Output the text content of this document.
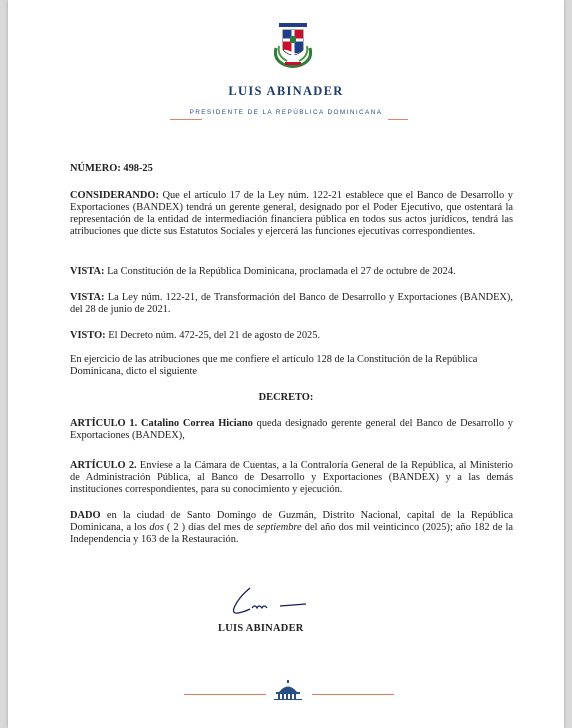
LUIS ABINADER
PRESIDENTE DE LA REPÚBLICA DOMINICANA
NÚMERO: 498-25
CONSIDERANDO: Que el artículo 17 de la Ley núm. 122-21 establece que el Banco de Desarrollo y Exportaciones (BANDEX) tendrá un gerente general, designado por el Poder Ejecutivo, que ostentará la representación de la entidad de intermediación financiera pública en todos sus actos jurídicos, tendrá las atribuciones que dicte sus Estatutos Sociales y ejercerá las funciones ejecutivas correspondientes.
VISTA: La Constitución de la República Dominicana, proclamada el 27 de octubre de 2024.
VISTA: La Ley núm. 122-21, de Transformación del Banco de Desarrollo y Exportaciones (BANDEX), del 28 de junio de 2021.
VISTO: El Decreto núm. 472-25, del 21 de agosto de 2025.
En ejercicio de las atribuciones que me confiere el artículo 128 de la Constitución de la República Dominicana, dicto el siguiente
DECRETO:
ARTÍCULO 1. Catalino Correa Hiciano queda designado gerente general del Banco de Desarrollo y Exportaciones (BANDEX),
ARTÍCULO 2. Envíese a la Cámara de Cuentas, a la Contraloría General de la República, al Ministerio de Administración Pública, al Banco de Desarrollo y Exportaciones (BANDEX) y a las demás instituciones correspondientes, para su conocimiento y ejecución.
DADO en la ciudad de Santo Domingo de Guzmán, Distrito Nacional, capital de la República Dominicana, a los dos ( 2 ) días del mes de septiembre del año dos mil veinticinco (2025); año 182 de la Independencia y 163 de la Restauración.
LUIS ABINADER
